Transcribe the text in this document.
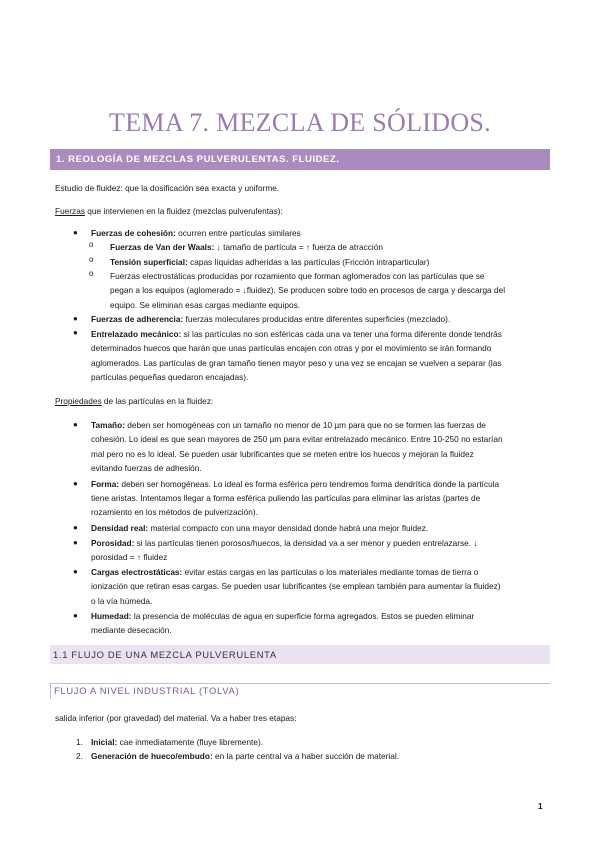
TEMA 7. MEZCLA DE SÓLIDOS.
1. REOLOGÍA DE MEZCLAS PULVERULENTAS. FLUIDEZ.

Estudio de fluidez: que la dosificación sea exacta y uniforme.

Fuerzas que intervienen en la fluidez (mezclas pulverulentas):

● Fuerzas de cohesión: ocurren entre partículas similares

o Fuerzas de Van der Waals: ↓ tamaño de partícula = ↑ fuerza de atracción

o Tensión superficial: capas líquidas adheridas a las partículas (Fricción intraparticular)

o Fuerzas electrostáticas producidas por rozamiento que forman aglomerados con las partículas que se

pegan a los equipos (aglomerado = ↓fluidez). Se producen sobre todo en procesos de carga y descarga del

equipo. Se eliminan esas cargas mediante equipos.

● Fuerzas de adherencia: fuerzas moleculares producidas entre diferentes superficies (mezclado).

● Entrelazado mecánico: si las partículas no son esféricas cada una va tener una forma diferente donde tendrás

determinados huecos que harán que unas partículas encajen con otras y por el movimiento se irán formando

aglomerados. Las partículas de gran tamaño tienen mayor peso y una vez se encajan se vuelven a separar (las

partículas pequeñas quedaron encajadas).

Propiedades de las partículas en la fluidez:

● Tamaño: deben ser homogéneas con un tamaño no menor de 10 µm para que no se formen las fuerzas de

cohesión. Lo ideal es que sean mayores de 250 µm para evitar entrelazado mecánico. Entre 10-250 no estarían

mal pero no es lo ideal. Se pueden usar lubrificantes que se meten entre los huecos y mejoran la fluidez

evitando fuerzas de adhesión.

● Forma: deben ser homogéneas. Lo ideal es forma esférica pero tendremos forma dendrítica donde la partícula

tiene aristas. Intentamos llegar a forma esférica puliendo las partículas para eliminar las aristas (partes de

rozamiento en los métodos de pulverización).

● Densidad real: material compacto con una mayor densidad donde habrá una mejor fluidez.

● Porosidad: si las partículas tienen porosos/huecos, la densidad va a ser menor y pueden entrelazarse. ↓

porosidad = ↑ fluidez

● Cargas electrostáticas: evitar estas cargas en las partículas o los materiales mediante tomas de tierra o

ionización que retiran esas cargas. Se pueden usar lubrificantes (se emplean también para aumentar la fluidez)

o la vía húmeda.

● Humedad: la presencia de moléculas de agua en superficie forma agregados. Estos se pueden eliminar

mediante desecación.

1.1 FLUJO DE UNA MEZCLA PULVERULENTA
FLUJO A NIVEL INDUSTRIAL (TOLVA)

salida inferior (por gravedad) del material. Va a haber tres etapas:

1. Inicial: cae inmediatamente (fluye libremente).

2. Generación de hueco/embudo: en la parte central va a haber succión de material.

1
